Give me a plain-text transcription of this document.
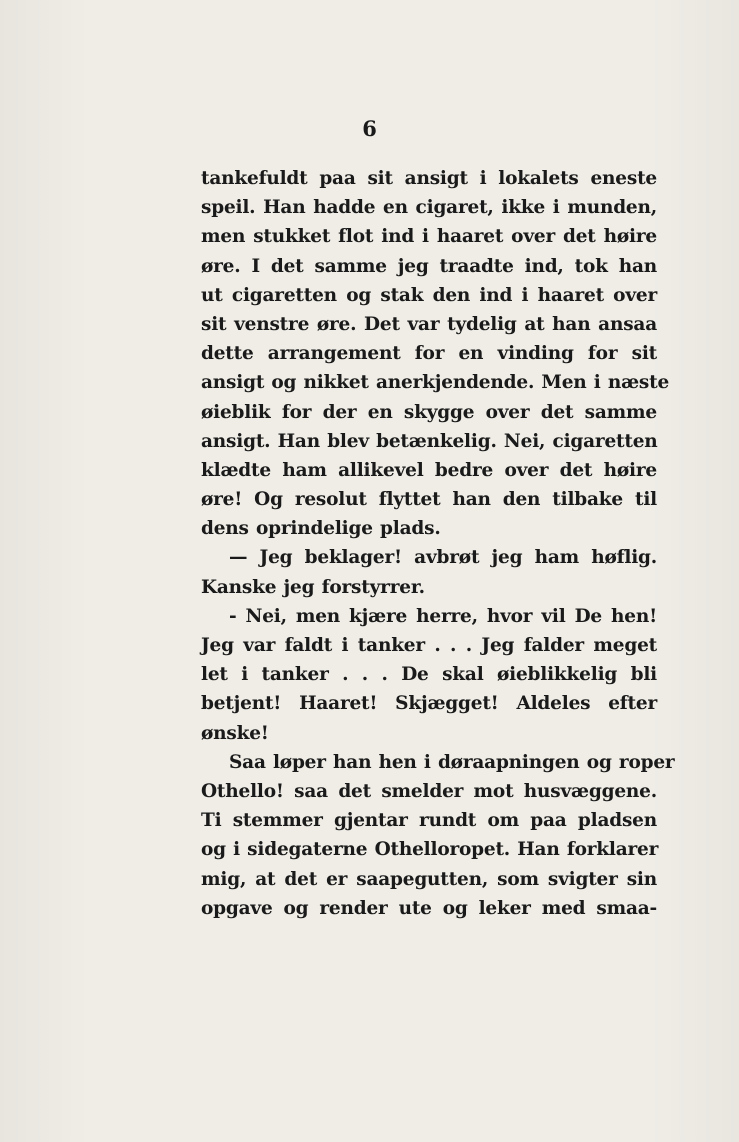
6
tankefuldt paa sit ansigt i lokalets eneste
speil. Han hadde en cigaret, ikke i munden,
men stukket flot ind i haaret over det høire
øre. I det samme jeg traadte ind, tok han
ut cigaretten og stak den ind i haaret over
sit venstre øre. Det var tydelig at han ansaa
dette arrangement for en vinding for sit
ansigt og nikket anerkjendende. Men i næste
øieblik for der en skygge over det samme
ansigt. Han blev betænkelig. Nei, cigaretten
klædte ham allikevel bedre over det høire
øre! Og resolut flyttet han den tilbake til
dens oprindelige plads.
— Jeg beklager! avbrøt jeg ham høflig.
Kanske jeg forstyrrer.
- Nei, men kjære herre, hvor vil De hen!
Jeg var faldt i tanker . . . Jeg falder meget
let i tanker . . . De skal øieblikkelig bli
betjent! Haaret! Skjægget! Aldeles efter
ønske!
Saa løper han hen i døraapningen og roper
Othello! saa det smelder mot husvæggene.
Ti stemmer gjentar rundt om paa pladsen
og i sidegaterne Othelloropet. Han forklarer
mig, at det er saapegutten, som svigter sin
opgave og render ute og leker med smaa-
